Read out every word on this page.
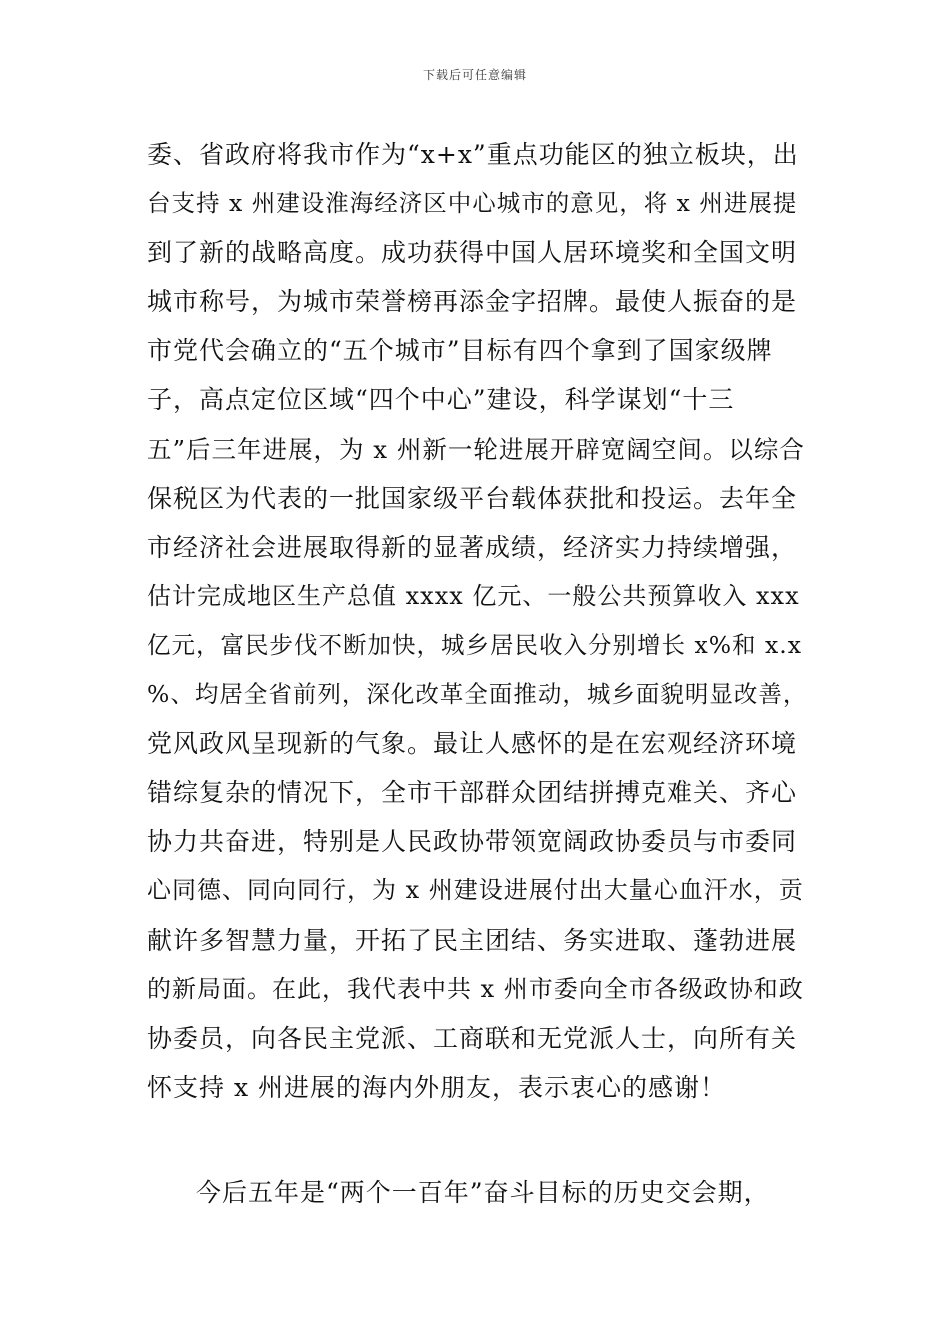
下载后可任意编辑
委、省政府将我市作为“x+x”重点功能区的独立板块，出
台支持 x 州建设淮海经济区中心城市的意见，将 x 州进展提
到了新的战略高度。成功获得中国人居环境奖和全国文明
城市称号，为城市荣誉榜再添金字招牌。最使人振奋的是
市党代会确立的“五个城市”目标有四个拿到了国家级牌
子，高点定位区域“四个中心”建设，科学谋划“十三
五”后三年进展，为 x 州新一轮进展开辟宽阔空间。以综合
保税区为代表的一批国家级平台载体获批和投运。去年全
市经济社会进展取得新的显著成绩，经济实力持续增强，
估计完成地区生产总值 xxxx 亿元、一般公共预算收入 xxx
亿元，富民步伐不断加快，城乡居民收入分别增长 x%和 x.x
%、均居全省前列，深化改革全面推动，城乡面貌明显改善，
党风政风呈现新的气象。最让人感怀的是在宏观经济环境
错综复杂的情况下，全市干部群众团结拼搏克难关、齐心
协力共奋进，特别是人民政协带领宽阔政协委员与市委同
心同德、同向同行，为 x 州建设进展付出大量心血汗水，贡
献许多智慧力量，开拓了民主团结、务实进取、蓬勃进展
的新局面。在此，我代表中共 x 州市委向全市各级政协和政
协委员，向各民主党派、工商联和无党派人士，向所有关
怀支持 x 州进展的海内外朋友，表示衷心的感谢！
今后五年是“两个一百年”奋斗目标的历史交会期，
